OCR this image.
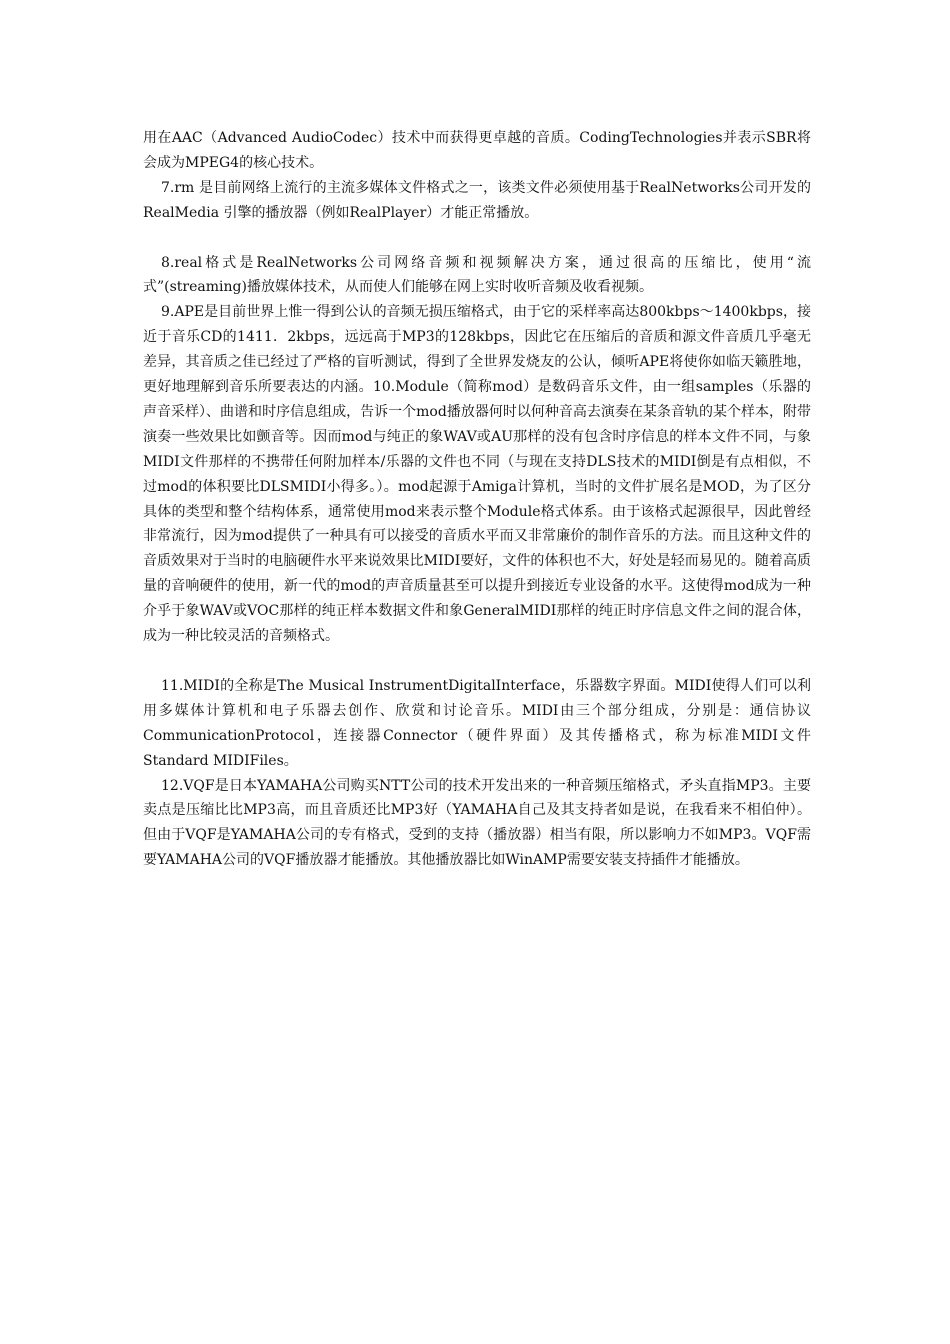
用在AAC（Advanced AudioCodec）技术中而获得更卓越的音质。CodingTechnologies并表示SBR将会成为MPEG4的核心技术。

7.rm 是目前网络上流行的主流多媒体文件格式之一，该类文件必须使用基于RealNetworks公司开发的 RealMedia 引擎的播放器（例如RealPlayer）才能正常播放。

8.real格式是RealNetworks公司网络音频和视频解决方案，通过很高的压缩比，使用“流式”(streaming)播放媒体技术，从而使人们能够在网上实时收听音频及收看视频。

9.APE是目前世界上惟一得到公认的音频无损压缩格式，由于它的采样率高达800kbps～1400kbps，接近于音乐CD的1411．2kbps，远远高于MP3的128kbps，因此它在压缩后的音质和源文件音质几乎毫无差异，其音质之佳已经过了严格的盲听测试，得到了全世界发烧友的公认，倾听APE将使你如临天籁胜地，更好地理解到音乐所要表达的内涵。10.Module（简称mod）是数码音乐文件，由一组samples（乐器的声音采样）、曲谱和时序信息组成，告诉一个mod播放器何时以何种音高去演奏在某条音轨的某个样本，附带演奏一些效果比如颤音等。因而mod与纯正的象WAV或AU那样的没有包含时序信息的样本文件不同，与象MIDI文件那样的不携带任何附加样本/乐器的文件也不同（与现在支持DLS技术的MIDI倒是有点相似，不过mod的体积要比DLSMIDI小得多。）。mod起源于Amiga计算机，当时的文件扩展名是MOD，为了区分具体的类型和整个结构体系，通常使用mod来表示整个Module格式体系。由于该格式起源很早，因此曾经非常流行，因为mod提供了一种具有可以接受的音质水平而又非常廉价的制作音乐的方法。而且这种文件的音质效果对于当时的电脑硬件水平来说效果比MIDI要好，文件的体积也不大，好处是轻而易见的。随着高质量的音响硬件的使用，新一代的mod的声音质量甚至可以提升到接近专业设备的水平。这使得mod成为一种介乎于象WAV或VOC那样的纯正样本数据文件和象GeneralMIDI那样的纯正时序信息文件之间的混合体，成为一种比较灵活的音频格式。

11.MIDI的全称是The Musical InstrumentDigitalInterface，乐器数字界面。MIDI使得人们可以利用多媒体计算机和电子乐器去创作、欣赏和讨论音乐。MIDI由三个部分组成，分别是：通信协议CommunicationProtocol，连接器Connector（硬件界面）及其传播格式，称为标准MIDI文件Standard MIDIFiles。

12.VQF是日本YAMAHA公司购买NTT公司的技术开发出来的一种音频压缩格式，矛头直指MP3。主要卖点是压缩比比MP3高，而且音质还比MP3好（YAMAHA自己及其支持者如是说，在我看来不相伯仲）。但由于VQF是YAMAHA公司的专有格式，受到的支持（播放器）相当有限，所以影响力不如MP3。VQF需要YAMAHA公司的VQF播放器才能播放。其他播放器比如WinAMP需要安装支持插件才能播放。
